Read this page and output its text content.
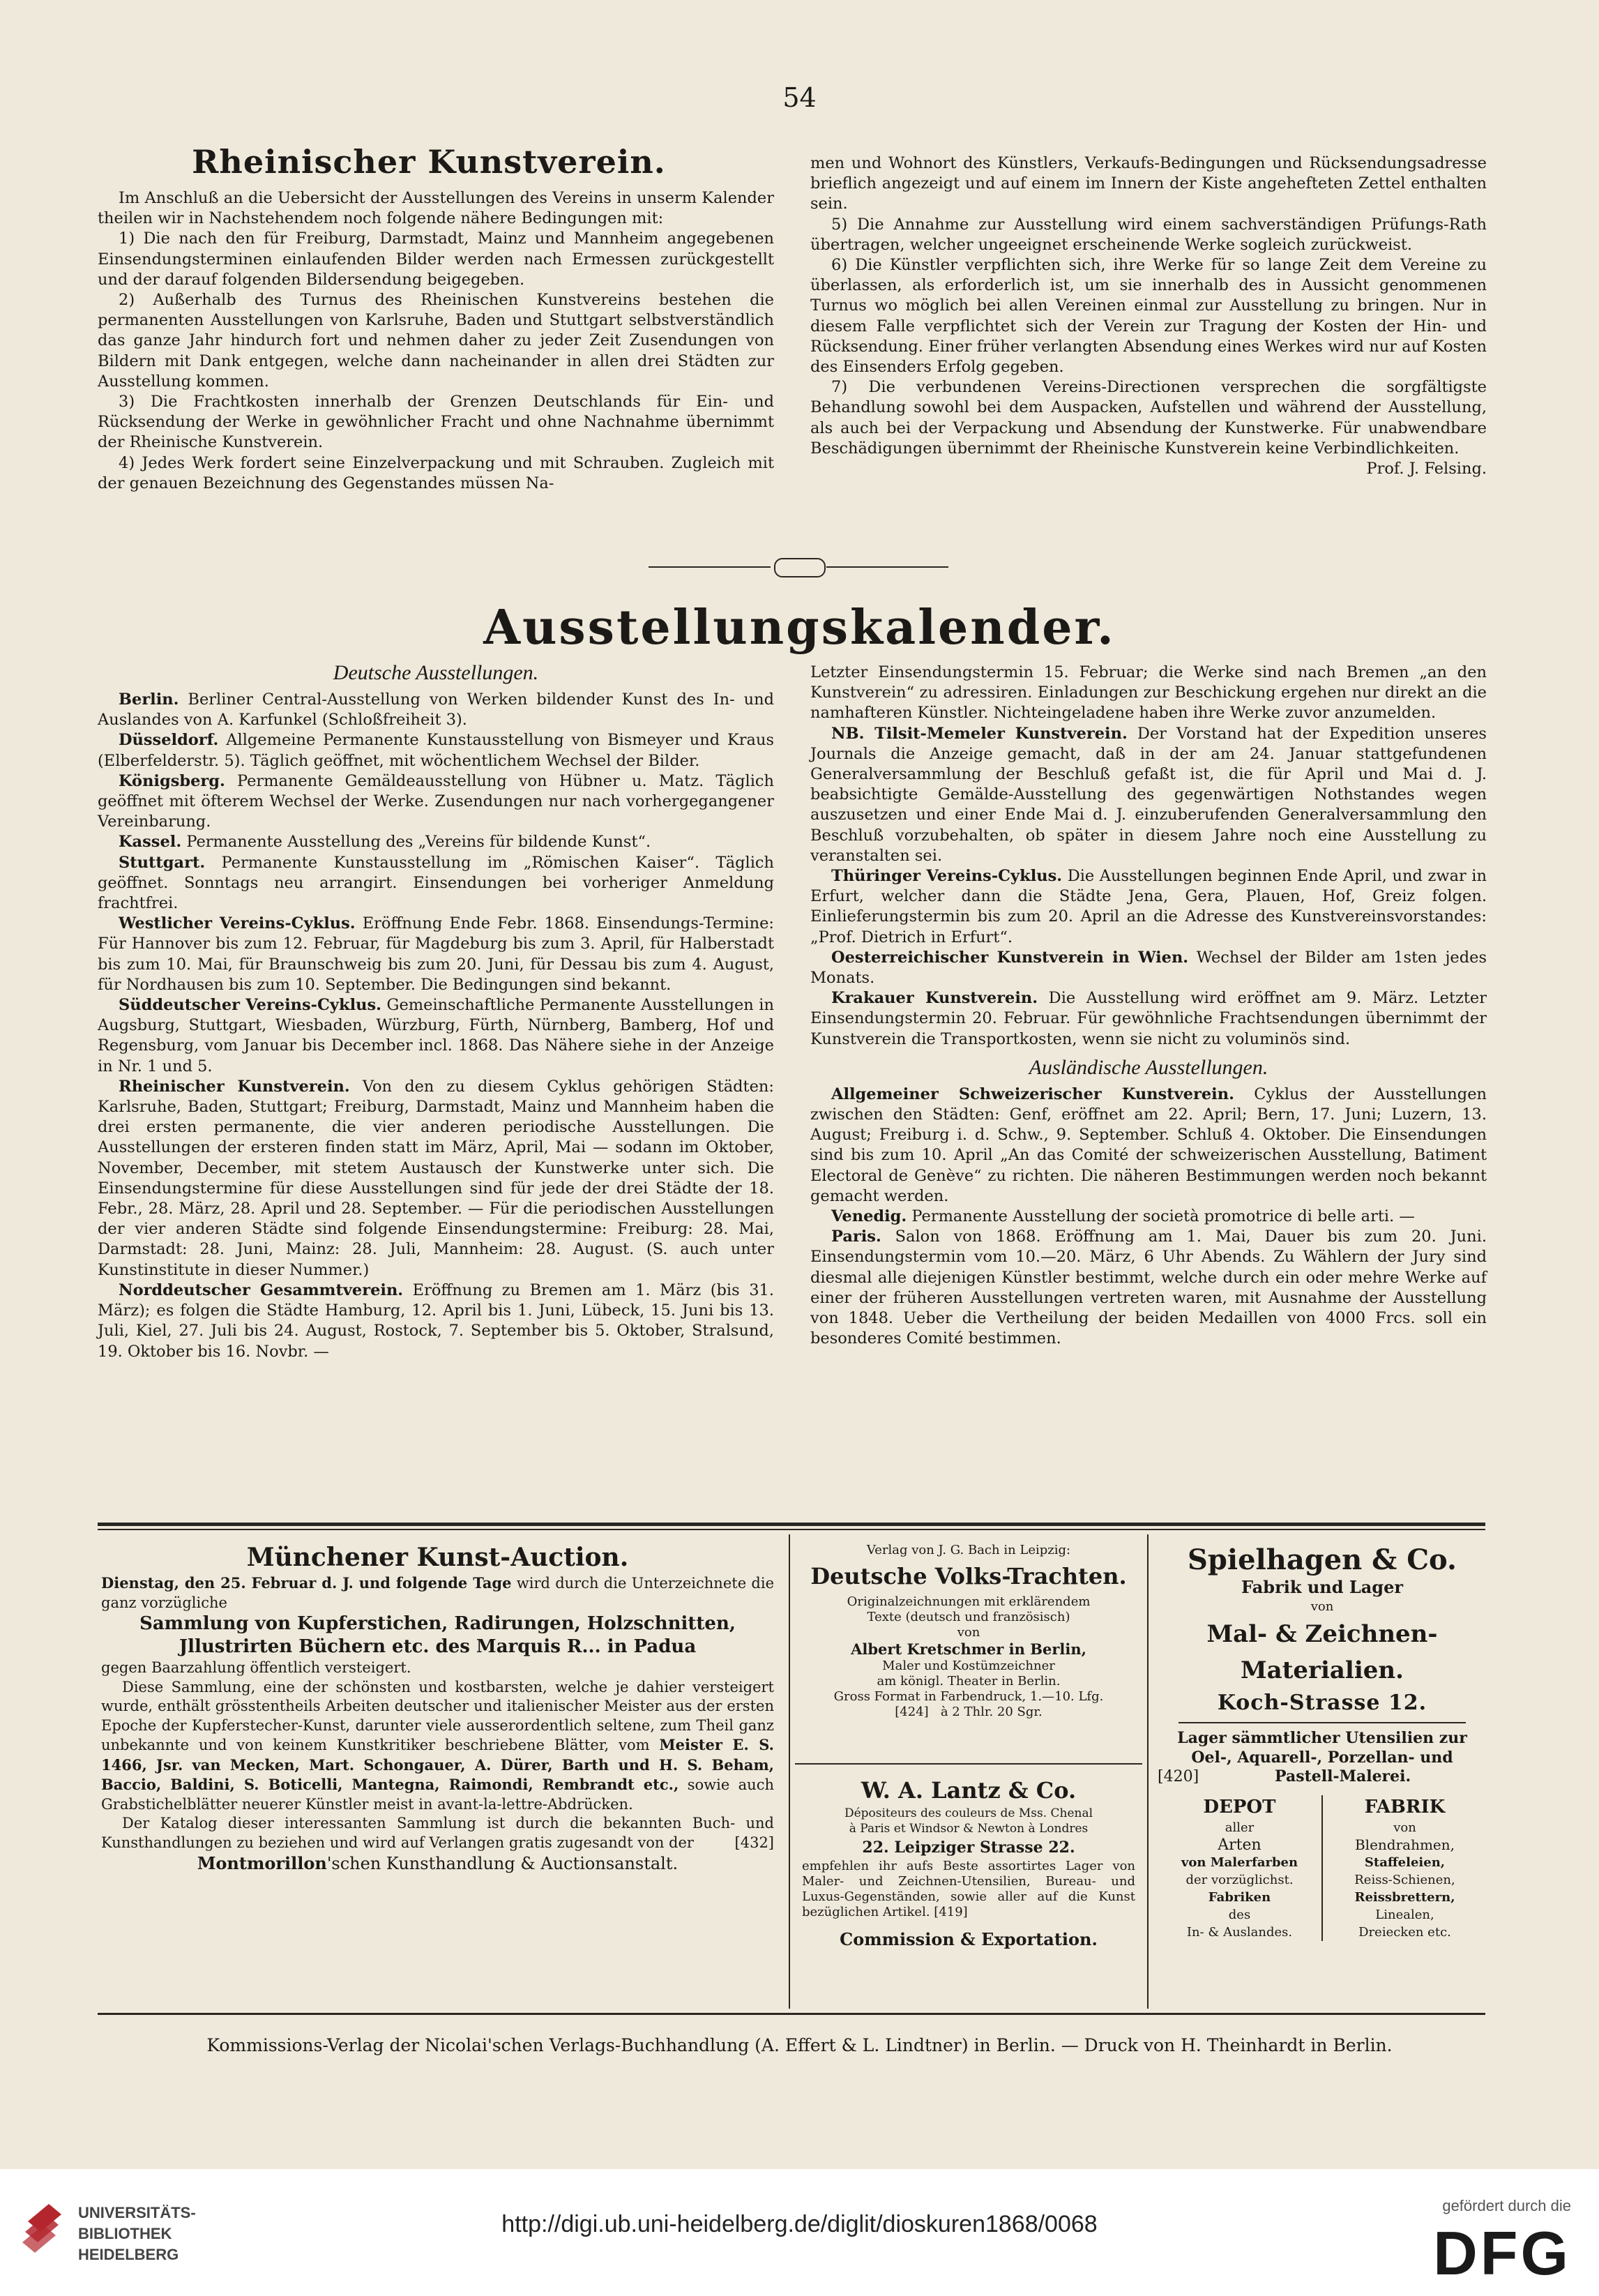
54
Rheinischer Kunstverein.

Im Anschluß an die Uebersicht der Ausstellungen des Vereins in unserm Kalender theilen wir in Nachstehendem noch folgende nähere Bedingungen mit:

1) Die nach den für Freiburg, Darmstadt, Mainz und Mannheim angegebenen Einsendungsterminen einlaufenden Bilder werden nach Ermessen zurückgestellt und der darauf folgenden Bildersendung beigegeben.

2) Außerhalb des Turnus des Rheinischen Kunstvereins bestehen die permanenten Ausstellungen von Karlsruhe, Baden und Stuttgart selbstverständlich das ganze Jahr hindurch fort und nehmen daher zu jeder Zeit Zusendungen von Bildern mit Dank entgegen, welche dann nacheinander in allen drei Städten zur Ausstellung kommen.

3) Die Frachtkosten innerhalb der Grenzen Deutschlands für Ein- und Rücksendung der Werke in gewöhnlicher Fracht und ohne Nachnahme übernimmt der Rheinische Kunstverein.

4) Jedes Werk fordert seine Einzelverpackung und mit Schrauben. Zugleich mit der genauen Bezeichnung des Gegenstandes müssen Na-

men und Wohnort des Künstlers, Verkaufs-Bedingungen und Rücksendungsadresse brieflich angezeigt und auf einem im Innern der Kiste angehefteten Zettel enthalten sein.

5) Die Annahme zur Ausstellung wird einem sachverständigen Prüfungs-Rath übertragen, welcher ungeeignet erscheinende Werke sogleich zurückweist.

6) Die Künstler verpflichten sich, ihre Werke für so lange Zeit dem Vereine zu überlassen, als erforderlich ist, um sie innerhalb des in Aussicht genommenen Turnus wo möglich bei allen Vereinen einmal zur Ausstellung zu bringen. Nur in diesem Falle verpflichtet sich der Verein zur Tragung der Kosten der Hin- und Rücksendung. Einer früher verlangten Absendung eines Werkes wird nur auf Kosten des Einsenders Erfolg gegeben.

7) Die verbundenen Vereins-Directionen versprechen die sorgfältigste Behandlung sowohl bei dem Auspacken, Aufstellen und während der Ausstellung, als auch bei der Verpackung und Absendung der Kunstwerke. Für unabwendbare Beschädigungen übernimmt der Rheinische Kunstverein keine Verbindlichkeiten.

Prof. J. Felsing.
Ausstellungskalender.

Deutsche Ausstellungen.

Berlin. Berliner Central-Ausstellung von Werken bildender Kunst des In- und Auslandes von A. Karfunkel (Schloßfreiheit 3).

Düsseldorf. Allgemeine Permanente Kunstausstellung von Bismeyer und Kraus (Elberfelderstr. 5). Täglich geöffnet, mit wöchentlichem Wechsel der Bilder.

Königsberg. Permanente Gemäldeausstellung von Hübner u. Matz. Täglich geöffnet mit öfterem Wechsel der Werke. Zusendungen nur nach vorhergegangener Vereinbarung.

Kassel. Permanente Ausstellung des „Vereins für bildende Kunst“.

Stuttgart. Permanente Kunstausstellung im „Römischen Kaiser“. Täglich geöffnet. Sonntags neu arrangirt. Einsendungen bei vorheriger Anmeldung frachtfrei.

Westlicher Vereins-Cyklus. Eröffnung Ende Febr. 1868. Einsendungs-Termine: Für Hannover bis zum 12. Februar, für Magdeburg bis zum 3. April, für Halberstadt bis zum 10. Mai, für Braunschweig bis zum 20. Juni, für Dessau bis zum 4. August, für Nordhausen bis zum 10. September. Die Bedingungen sind bekannt.

Süddeutscher Vereins-Cyklus. Gemeinschaftliche Permanente Ausstellungen in Augsburg, Stuttgart, Wiesbaden, Würzburg, Fürth, Nürnberg, Bamberg, Hof und Regensburg, vom Januar bis December incl. 1868. Das Nähere siehe in der Anzeige in Nr. 1 und 5.

Rheinischer Kunstverein. Von den zu diesem Cyklus gehörigen Städten: Karlsruhe, Baden, Stuttgart; Freiburg, Darmstadt, Mainz und Mannheim haben die drei ersten permanente, die vier anderen periodische Ausstellungen. Die Ausstellungen der ersteren finden statt im März, April, Mai — sodann im Oktober, November, December, mit stetem Austausch der Kunstwerke unter sich. Die Einsendungstermine für diese Ausstellungen sind für jede der drei Städte der 18. Febr., 28. März, 28. April und 28. September. — Für die periodischen Ausstellungen der vier anderen Städte sind folgende Einsendungstermine: Freiburg: 28. Mai, Darmstadt: 28. Juni, Mainz: 28. Juli, Mannheim: 28. August. (S. auch unter Kunstinstitute in dieser Nummer.)

Norddeutscher Gesammtverein. Eröffnung zu Bremen am 1. März (bis 31. März); es folgen die Städte Hamburg, 12. April bis 1. Juni, Lübeck, 15. Juni bis 13. Juli, Kiel, 27. Juli bis 24. August, Rostock, 7. September bis 5. Oktober, Stralsund, 19. Oktober bis 16. Novbr. —

Letzter Einsendungstermin 15. Februar; die Werke sind nach Bremen „an den Kunstverein“ zu adressiren. Einladungen zur Beschickung ergehen nur direkt an die namhafteren Künstler. Nichteingeladene haben ihre Werke zuvor anzumelden.

NB. Tilsit-Memeler Kunstverein. Der Vorstand hat der Expedition unseres Journals die Anzeige gemacht, daß in der am 24. Januar stattgefundenen Generalversammlung der Beschluß gefaßt ist, die für April und Mai d. J. beabsichtigte Gemälde-Ausstellung des gegenwärtigen Nothstandes wegen auszusetzen und einer Ende Mai d. J. einzuberufenden Generalversammlung den Beschluß vorzubehalten, ob später in diesem Jahre noch eine Ausstellung zu veranstalten sei.

Thüringer Vereins-Cyklus. Die Ausstellungen beginnen Ende April, und zwar in Erfurt, welcher dann die Städte Jena, Gera, Plauen, Hof, Greiz folgen. Einlieferungstermin bis zum 20. April an die Adresse des Kunstvereinsvorstandes: „Prof. Dietrich in Erfurt“.

Oesterreichischer Kunstverein in Wien. Wechsel der Bilder am 1sten jedes Monats.

Krakauer Kunstverein. Die Ausstellung wird eröffnet am 9. März. Letzter Einsendungstermin 20. Februar. Für gewöhnliche Frachtsendungen übernimmt der Kunstverein die Transportkosten, wenn sie nicht zu voluminös sind.

Ausländische Ausstellungen.

Allgemeiner Schweizerischer Kunstverein. Cyklus der Ausstellungen zwischen den Städten: Genf, eröffnet am 22. April; Bern, 17. Juni; Luzern, 13. August; Freiburg i. d. Schw., 9. September. Schluß 4. Oktober. Die Einsendungen sind bis zum 10. April „An das Comité der schweizerischen Ausstellung, Batiment Electoral de Genève“ zu richten. Die näheren Bestimmungen werden noch bekannt gemacht werden.

Venedig. Permanente Ausstellung der società promotrice di belle arti. —

Paris. Salon von 1868. Eröffnung am 1. Mai, Dauer bis zum 20. Juni. Einsendungstermin vom 10.—20. März, 6 Uhr Abends. Zu Wählern der Jury sind diesmal alle diejenigen Künstler bestimmt, welche durch ein oder mehre Werke auf einer der früheren Ausstellungen vertreten waren, mit Ausnahme der Ausstellung von 1848. Ueber die Vertheilung der beiden Medaillen von 4000 Frcs. soll ein besonderes Comité bestimmen.

Münchener Kunst-Auction.
Dienstag, den 25. Februar d. J. und folgende Tage wird durch die Unterzeichnete die ganz vorzügliche
Sammlung von Kupferstichen, Radirungen, Holzschnitten,
Jllustrirten Büchern etc. des Marquis R... in Padua
gegen Baarzahlung öffentlich versteigert.
Diese Sammlung, eine der schönsten und kostbarsten, welche je dahier versteigert wurde, enthält grösstentheils Arbeiten deutscher und italienischer Meister aus der ersten Epoche der Kupferstecher-Kunst, darunter viele ausserordentlich seltene, zum Theil ganz unbekannte und von keinem Kunstkritiker beschriebene Blätter, vom Meister E. S. 1466, Jsr. van Mecken, Mart. Schongauer, A. Dürer, Barth und H. S. Beham, Baccio, Baldini, S. Boticelli, Mantegna, Raimondi, Rembrandt etc., sowie auch Grabstichelblätter neuerer Künstler meist in avant-la-lettre-Abdrücken.
Der Katalog dieser interessanten Sammlung ist durch die bekannten Buch- und Kunsthandlungen zu beziehen und wird auf Verlangen gratis zugesandt von der	[432]
Montmorillon'schen Kunsthandlung & Auctionsanstalt.
Verlag von J. G. Bach in Leipzig:
Deutsche Volks-Trachten.
Originalzeichnungen mit erklärendem
Texte (deutsch und französisch)
von
Albert Kretschmer in Berlin,
Maler und Kostümzeichner
am königl. Theater in Berlin.
Gross Format in Farbendruck, 1.—10. Lfg.
[424] à 2 Thlr. 20 Sgr.
W. A. Lantz & Co.
Dépositeurs des couleurs de Mss. Chenal
à Paris et Windsor & Newton à Londres
22. Leipziger Strasse 22.
empfehlen ihr aufs Beste assortirtes Lager von Maler- und Zeichnen-Utensilien, Bureau- und Luxus-Gegenständen, sowie aller auf die Kunst bezüglichen Artikel. [419]
Commission & Exportation.
Spielhagen & Co.
Fabrik und Lager
von
Mal- & Zeichnen-Materialien.
Koch-Strasse 12.
Lager sämmtlicher Utensilien zur Oel-, Aquarell-, Porzellan- und
[420]	Pastell-Malerei.
DEPOT
aller
Arten
von Malerfarben
der vorzüglichst.
Fabriken
des
In- & Auslandes.
FABRIK
von
Blendrahmen,
Staffeleien,
Reiss-Schienen,
Reissbrettern,
Linealen,
Dreiecken etc.
Kommissions-Verlag der Nicolai'schen Verlags-Buchhandlung (A. Effert & L. Lindtner) in Berlin. — Druck von H. Theinhardt in Berlin.
UNIVERSITÄTS-
BIBLIOTHEK
HEIDELBERG
http://digi.ub.uni-heidelberg.de/diglit/dioskuren1868/0068
gefördert durch die
DFG
